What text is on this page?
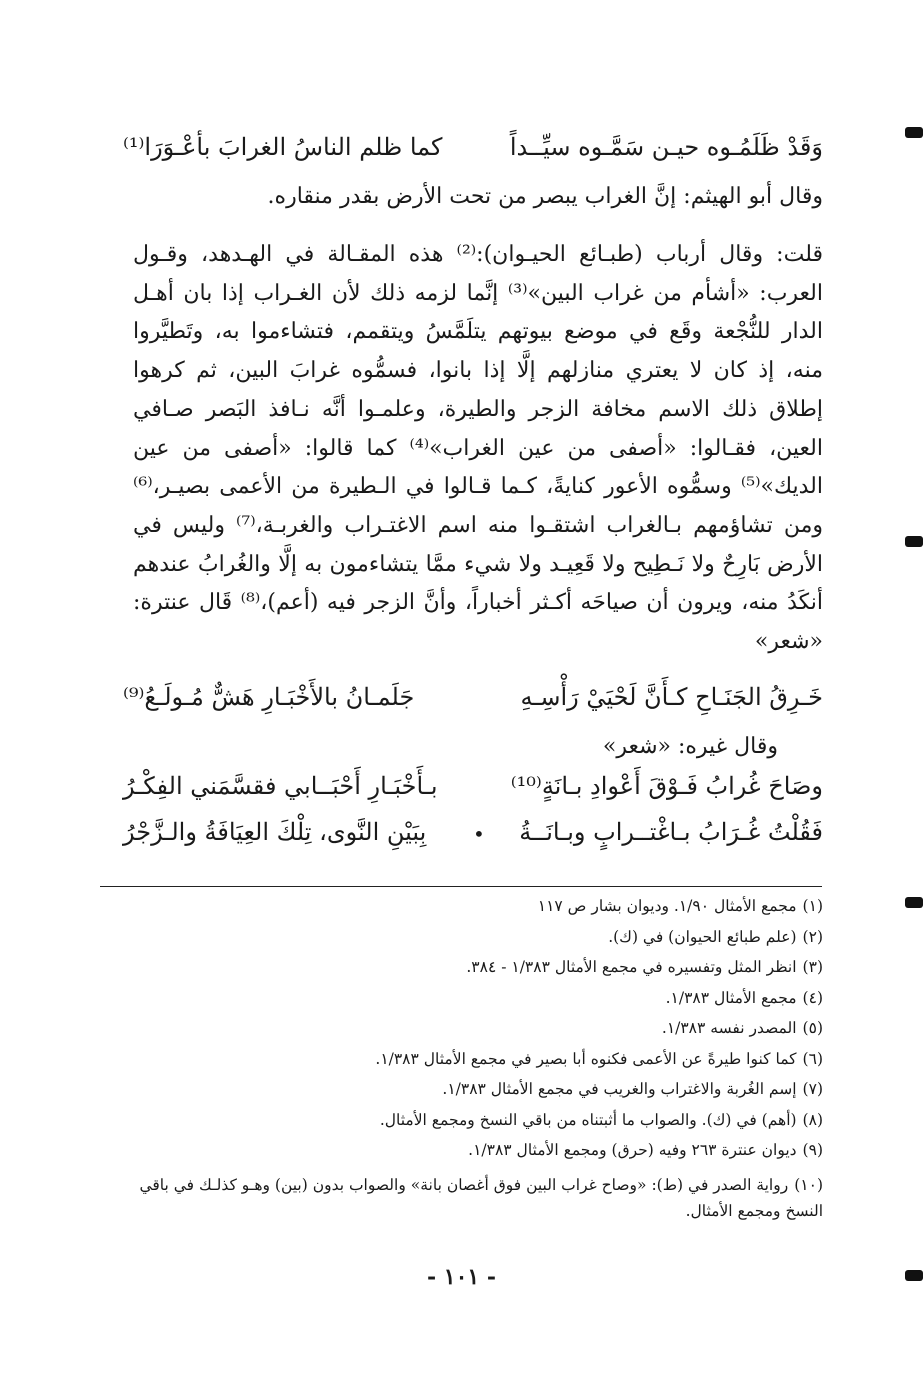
وَقَدْ ظَلَمُـوه حيـن سَمَّـوه سيِّــداً
كما ظلم الناسُ الغرابَ بأعْـوَرَا⁽¹⁾
وقال أبو الهيثم: إنَّ الغراب يبصر من تحت الأرض بقدر منقاره.
قلت: وقال أرباب (طبـائع الحيـوان):⁽²⁾ هذه المقـالة في الهـدهد، وقـول العرب: «أشأم من غراب البين»⁽³⁾ إنَّما لزمه ذلك لأن الغـراب إذا بان أهـل الدار للنُّجْعة وقَع في موضع بيوتهم يتلَمَّسُ ويتقمم، فتشاءموا به، وتَطيَّروا منه، إذ كان لا يعتري منازلهم إلَّا إذا بانوا، فسمُّوه غرابَ البين، ثم كرهوا إطلاق ذلك الاسم مخافة الزجر والطيرة، وعلمـوا أنَّه نـافذ البَصر صـافي العين، فقـالوا: «أصفى من عين الغراب»⁽⁴⁾ كما قالوا: «أصفى من عين الديك»⁽⁵⁾ وسمُّوه الأعور كنايةً، كـما قـالوا في الـطيرة من الأعمى بصيـر،⁽⁶⁾ ومن تشاؤمهم بـالغراب اشتقـوا منه اسم الاغتـراب والغربـة،⁽⁷⁾ وليس في الأرض بَارِحٌ ولا نَـطِيح ولا قَعِيـد ولا شيء ممَّا يتشاءمون به إلَّا والغُرابُ عندهم أنكَدُ منه، ويرون أن صياحَه أكـثر أخباراً، وأنَّ الزجر فيه (أعم)،⁽⁸⁾ قَال عنترة: «شعر»
خَـرِقُ الجَنَـاحِ كـأَنَّ لَحْيَيْ رَأْسِـهِ
جَلَمـانُ بالأَخْبَـارِ هَشٌّ مُـولَـعُ⁽⁹⁾
وقال غيره: «شعر»
وصَاحَ غُرابُ فَـوْقَ أَعْوادِ بـانَةٍ⁽¹⁰⁾
بـأَخْبَـارِ أَحْبَــابي فقسَّمَني الفِكْـرُ
فَقُلْتُ غُـرَابُ بـاغْتــرابٍ وبـانَــةُ
•
بِبَيْنِ النَّوى، تِلْكَ العِيَافَةُ والـزَّجْرُ
(١)مجمع الأمثال ١/٩٠. وديوان بشار ص ١١٧
(٢)(علم طبائع الحيوان) في (ك).
(٣)انظر المثل وتفسيره في مجمع الأمثال ١/٣٨٣ - ٣٨٤.
(٤)مجمع الأمثال ١/٣٨٣.
(٥)المصدر نفسه ١/٣٨٣.
(٦)كما كنوا طيرةً عن الأعمى فكنوه أبا بصير في مجمع الأمثال ١/٣٨٣.
(٧)إسم الغُربة والاغتراب والغريب في مجمع الأمثال ١/٣٨٣.
(٨)(أهم) في (ك). والصواب ما أثبتناه من باقي النسخ ومجمع الأمثال.
(٩)ديوان عنترة ٢٦٣ وفيه (حرق) ومجمع الأمثال ١/٣٨٣.
(١٠)رواية الصدر في (ط): «وصاح غراب البين فوق أغصان بانة» والصواب بدون (بين) وهـو كذلـك في باقي النسخ ومجمع الأمثال.
- ١٠١ -
